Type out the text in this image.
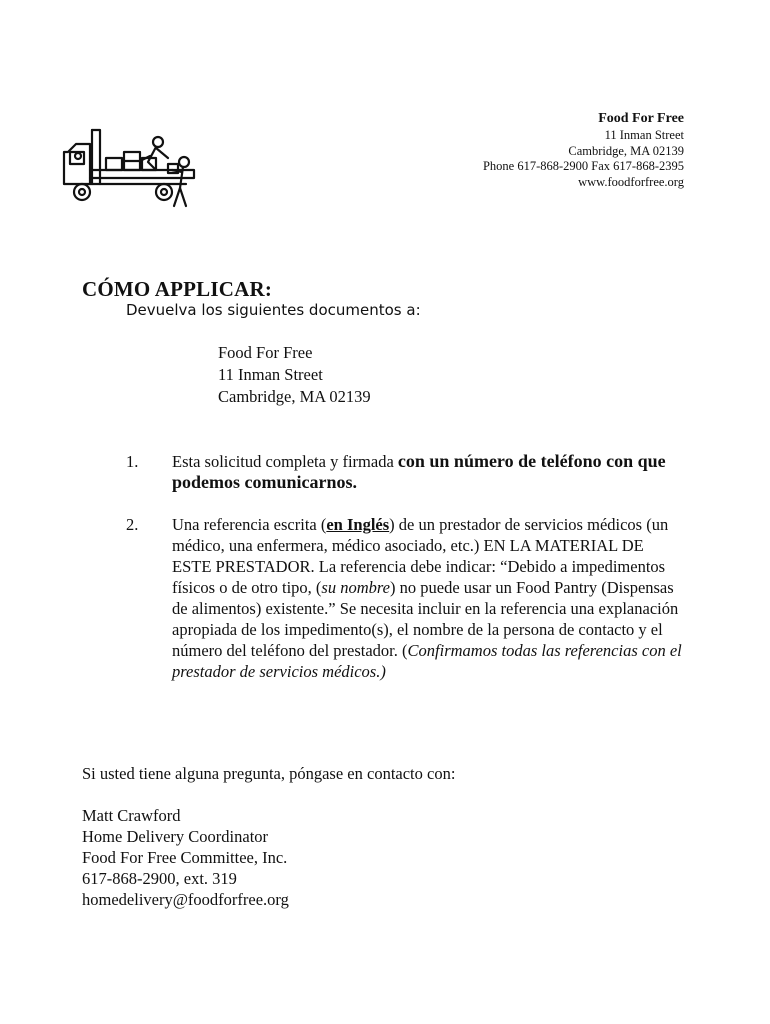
Food For Free
11 Inman Street
Cambridge, MA 02139
Phone 617-868-2900 Fax 617-868-2395
www.foodforfree.org
CÓMO APPLICAR:
Devuelva los siguientes documentos a:
Food For Free
11 Inman Street
Cambridge, MA 02139
1. Esta solicitud completa y firmada con un número de teléfono con que podemos comunicarnos.
2. Una referencia escrita (en Inglés) de un prestador de servicios médicos (un médico, una enfermera, médico asociado, etc.) EN LA MATERIAL DE ESTE PRESTADOR. La referencia debe indicar: “Debido a impedimentos físicos o de otro tipo, (su nombre) no puede usar un Food Pantry (Dispensas de alimentos) existente.” Se necesita incluir en la referencia una explanación apropiada de los impedimento(s), el nombre de la persona de contacto y el número del teléfono del prestador. (Confirmamos todas las referencias con el prestador de servicios médicos.)
Si usted tiene alguna pregunta, póngase en contacto con:
Matt Crawford
Home Delivery Coordinator
Food For Free Committee, Inc.
617-868-2900, ext. 319
homedelivery@foodforfree.org
